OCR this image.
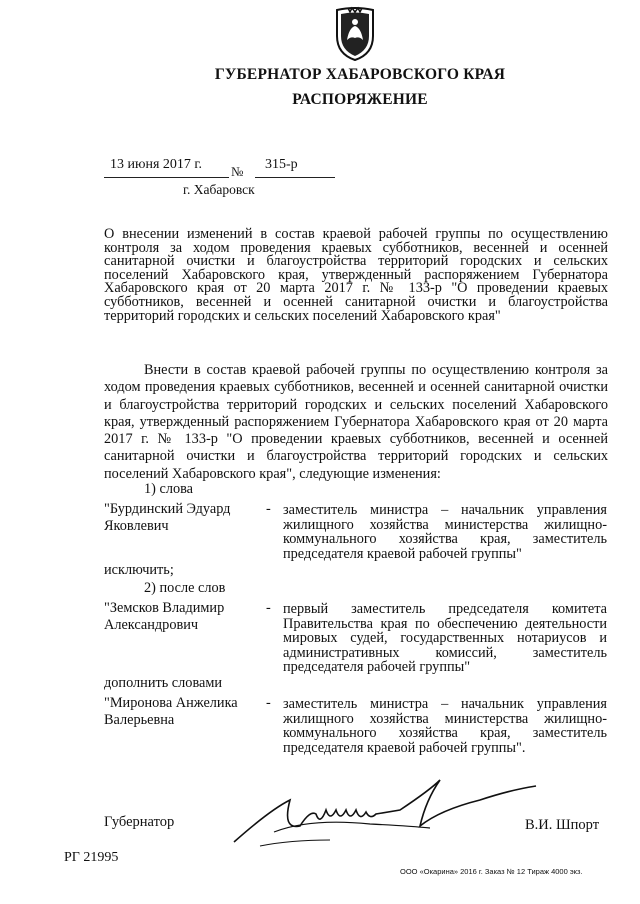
ГУБЕРНАТОР ХАБАРОВСКОГО КРАЯ
РАСПОРЯЖЕНИЕ
13 июня 2017 г. № 315-р
г. Хабаровск
О внесении изменений в состав краевой рабочей группы по осуществлению контроля за ходом проведения краевых субботников, весенней и осенней санитарной очистки и благоустройства территорий городских и сельских поселений Хабаровского края, утвержденный распоряжением Губернатора Хабаровского края от 20 марта 2017 г. № 133-р "О проведении краевых субботников, весенней и осенней санитарной очистки и благоустройства территорий городских и сельских поселений Хабаровского края"
Внести в состав краевой рабочей группы по осуществлению контроля за ходом проведения краевых субботников, весенней и осенней санитарной очистки и благоустройства территорий городских и сельских поселений Хабаровского края, утвержденный распоряжением Губернатора Хабаровского края от 20 марта 2017 г. № 133-р "О проведении краевых субботников, весенней и осенней санитарной очистки и благоустройства территорий городских и сельских поселений Хабаровского края", следующие изменения:
1) слова
"Бурдинский Эдуард Яковлевич
- заместитель министра – начальник управления жилищного хозяйства министерства жилищно-коммунального хозяйства края, заместитель председателя краевой рабочей группы"
исключить;
2) после слов
"Земсков Владимир Александрович
- первый заместитель председателя комитета Правительства края по обеспечению деятельности мировых судей, государственных нотариусов и административных комиссий, заместитель председателя рабочей группы"
дополнить словами
"Миронова Анжелика Валерьевна
- заместитель министра – начальник управления жилищного хозяйства министерства жилищно-коммунального хозяйства края, заместитель председателя краевой рабочей группы".
Губернатор	В.И. Шпорт
РГ 21995
ООО «Окарина» 2016 г. Заказ № 12 Тираж 4000 экз.
